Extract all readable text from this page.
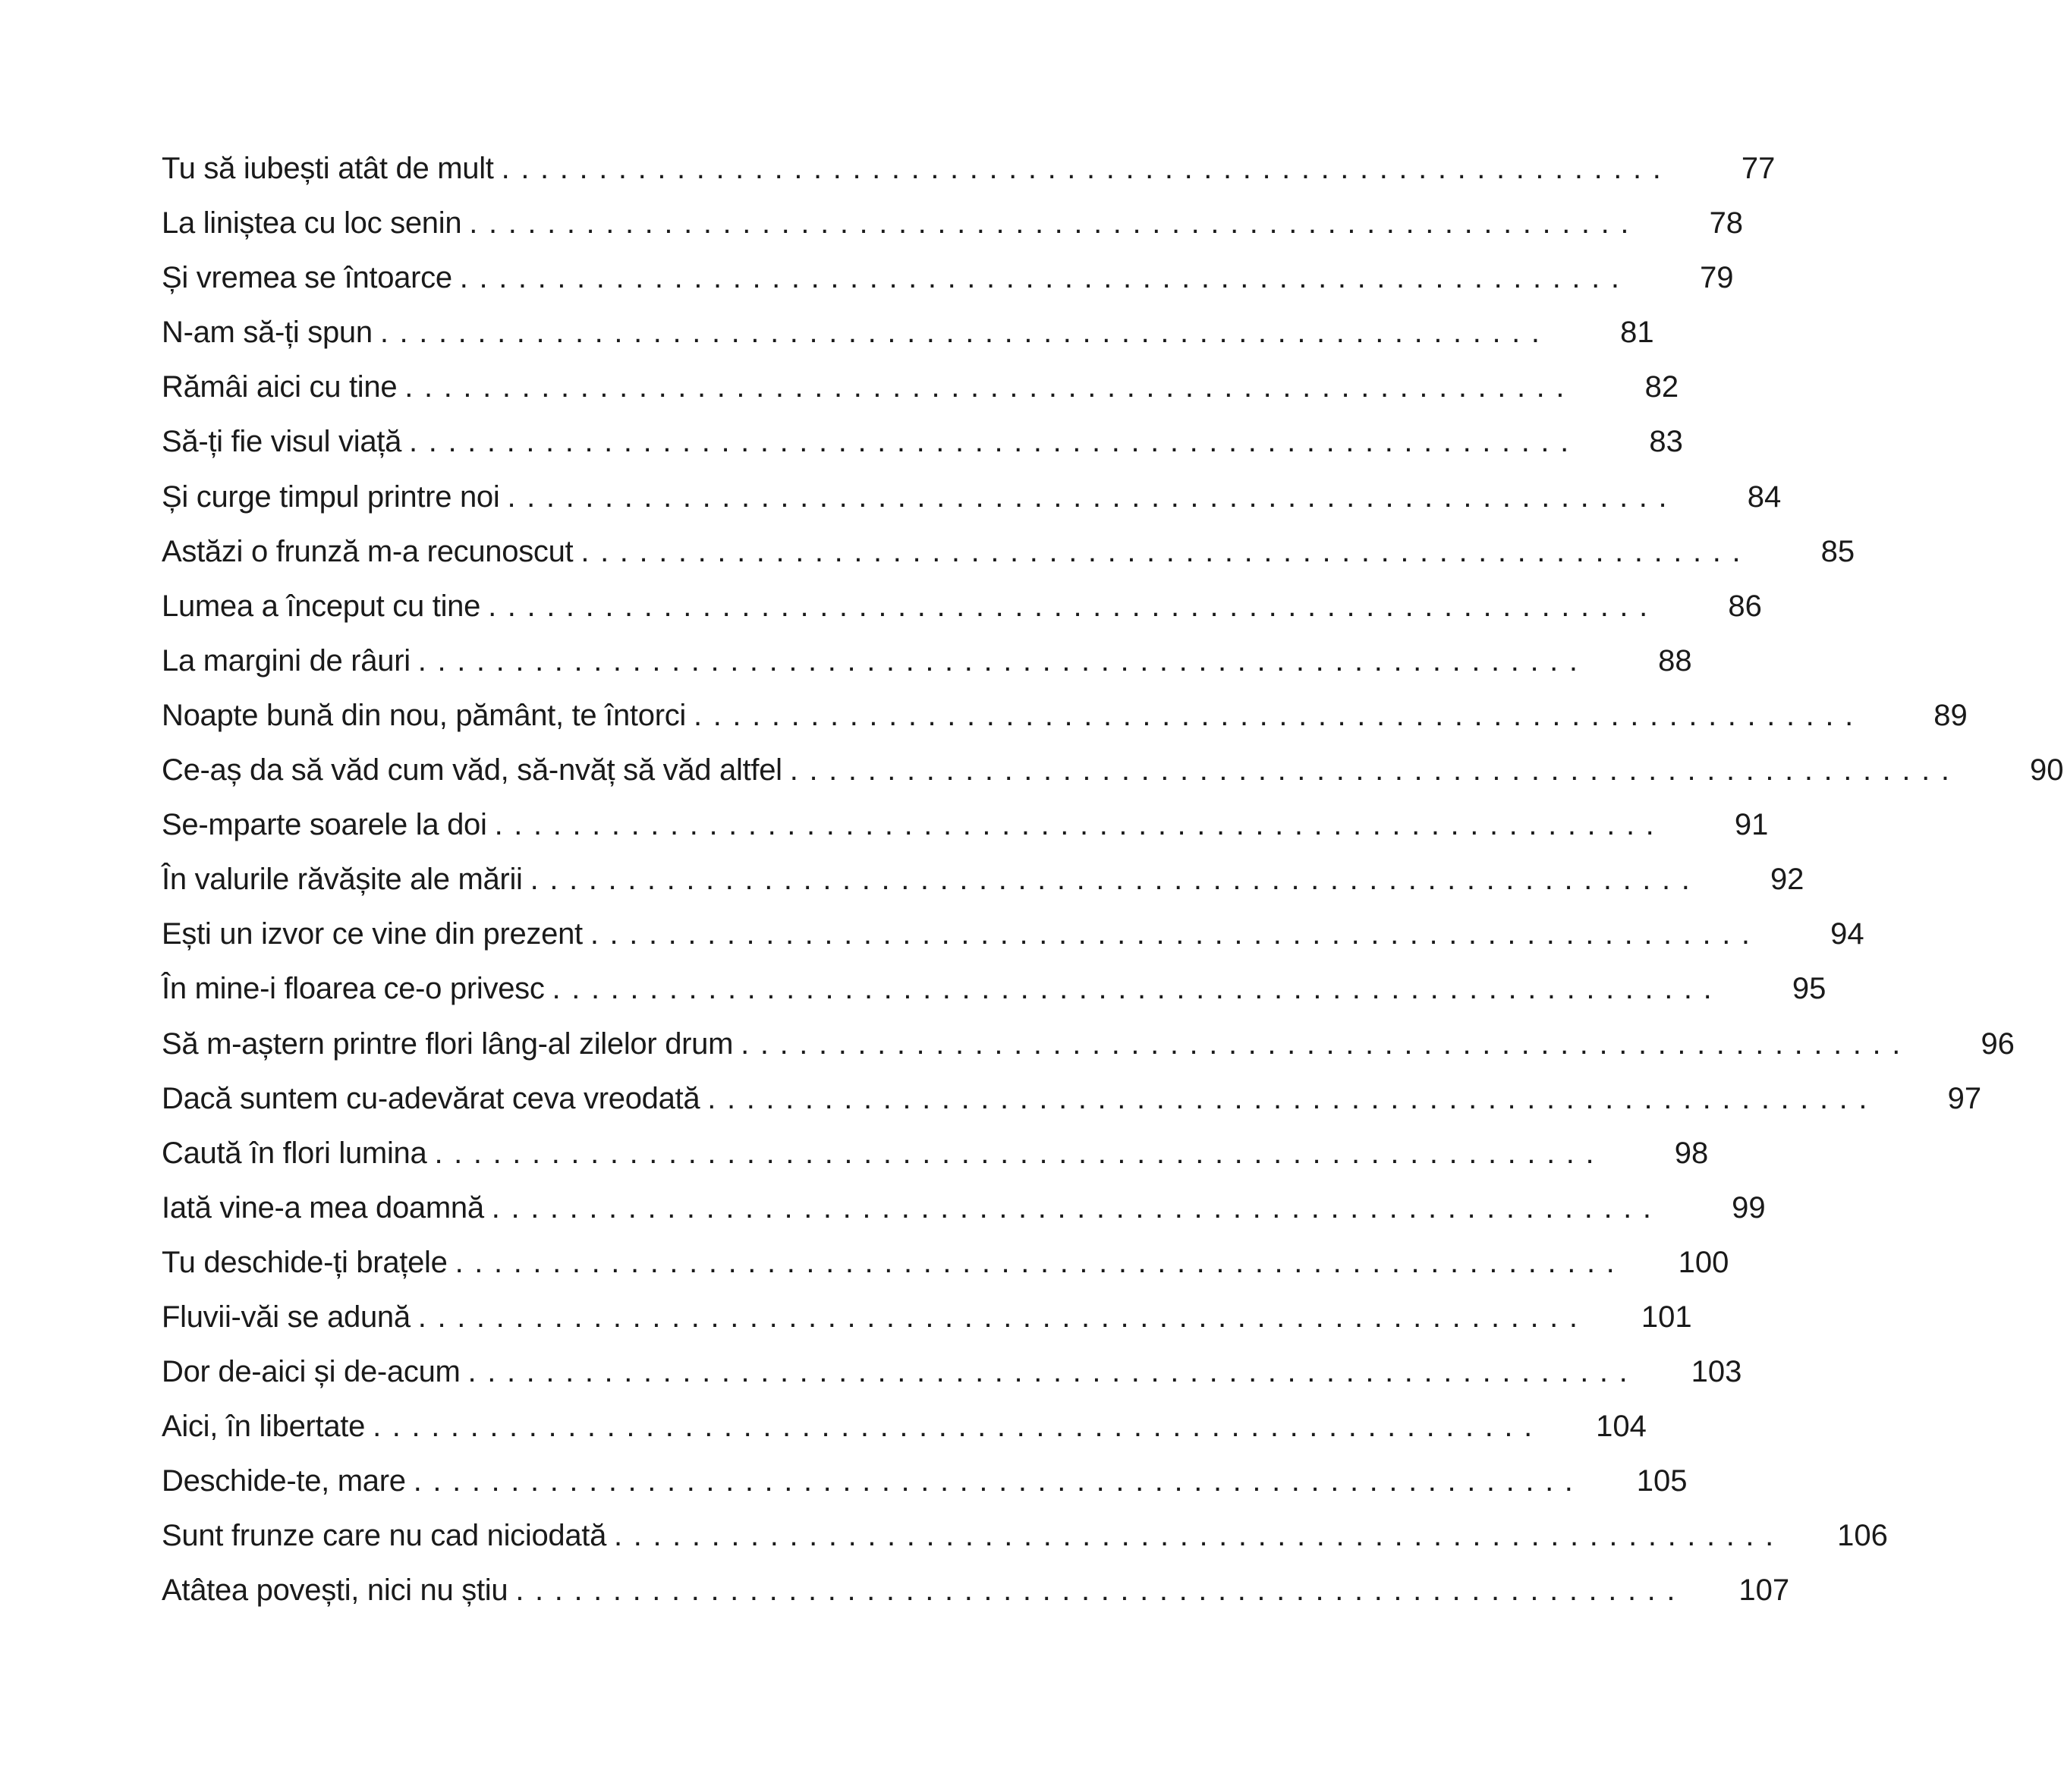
Tu să iubești atât de mult ............................................................	77
La liniștea cu loc senin ............................................................	78
Și vremea se întoarce ............................................................	79
N-am să-ți spun ............................................................	81
Rămâi aici cu tine ............................................................	82
Să-ți fie visul viață ............................................................	83
Și curge timpul printre noi ............................................................	84
Astăzi o frunză m-a recunoscut ............................................................	85
Lumea a început cu tine ............................................................	86
La margini de râuri ............................................................	88
Noapte bună din nou, pământ, te întorci ............................................................	89
Ce-aș da să văd cum văd, să-nvăț să văd altfel ............................................................	90
Se-mparte soarele la doi ............................................................	91
În valurile răvășite ale mării ............................................................	92
Ești un izvor ce vine din prezent ............................................................	94
În mine-i floarea ce-o privesc ............................................................	95
Să m-aștern printre flori lâng-al zilelor drum ............................................................	96
Dacă suntem cu-adevărat ceva vreodată ............................................................	97
Caută în flori lumina ............................................................	98
Iată vine-a mea doamnă ............................................................	99
Tu deschide-ți brațele ............................................................ 100
Fluvii-văi se adună ............................................................ 101
Dor de-aici și de-acum ............................................................ 103
Aici, în libertate ............................................................ 104
Deschide-te, mare ............................................................ 105
Sunt frunze care nu cad niciodată ............................................................ 106
Atâtea povești, nici nu știu ............................................................ 107
